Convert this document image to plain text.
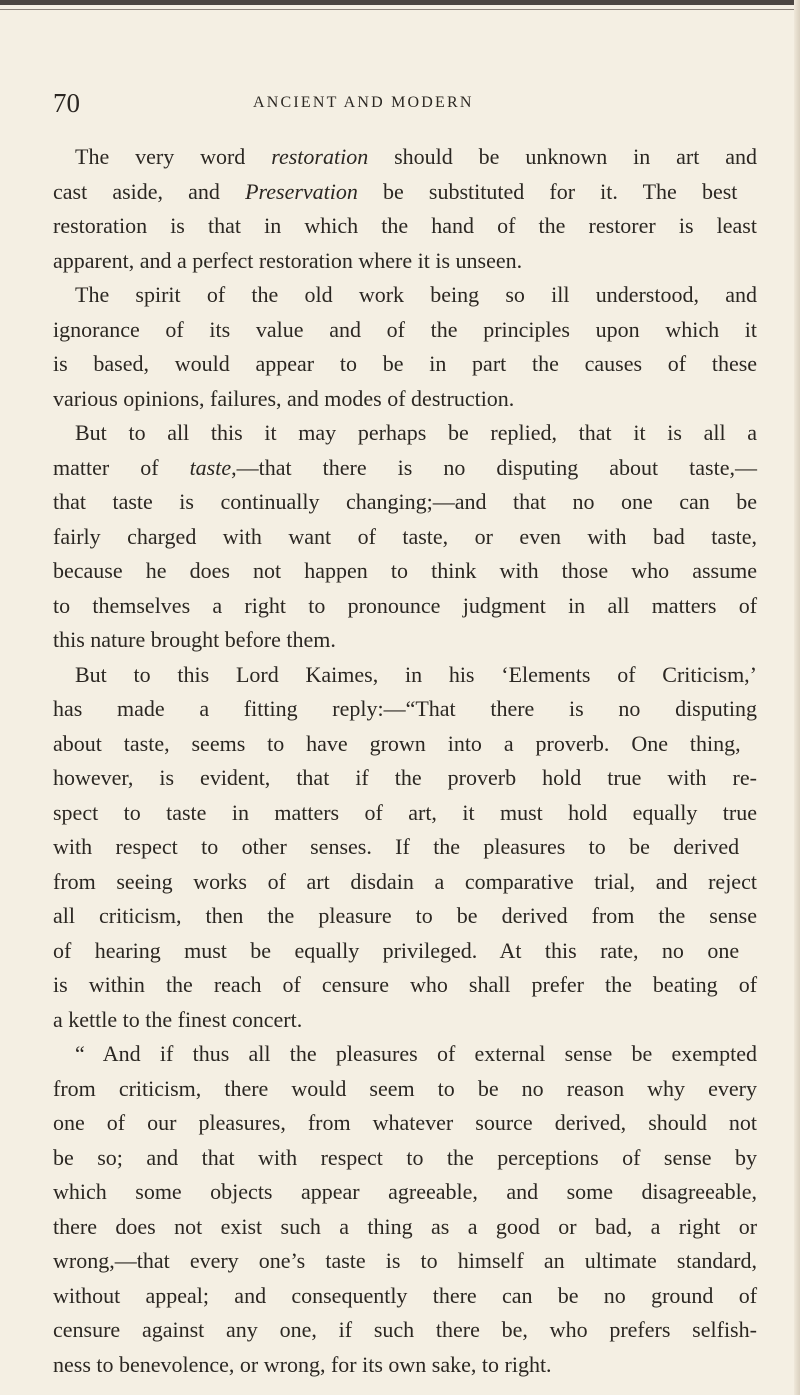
70	ANCIENT AND MODERN
The very word restoration should be unknown in art and
cast aside, and Preservation be substituted for it. The best
restoration is that in which the hand of the restorer is least
apparent, and a perfect restoration where it is unseen.
The spirit of the old work being so ill understood, and
ignorance of its value and of the principles upon which it
is based, would appear to be in part the causes of these
various opinions, failures, and modes of destruction.
But to all this it may perhaps be replied, that it is all a
matter of taste,—that there is no disputing about taste,—
that taste is continually changing;—and that no one can be
fairly charged with want of taste, or even with bad taste,
because he does not happen to think with those who assume
to themselves a right to pronounce judgment in all matters of
this nature brought before them.
But to this Lord Kaimes, in his ‘Elements of Criticism,’
has made a fitting reply:—“That there is no disputing
about taste, seems to have grown into a proverb. One thing,
however, is evident, that if the proverb hold true with re-
spect to taste in matters of art, it must hold equally true
with respect to other senses. If the pleasures to be derived
from seeing works of art disdain a comparative trial, and reject
all criticism, then the pleasure to be derived from the sense
of hearing must be equally privileged. At this rate, no one
is within the reach of censure who shall prefer the beating of
a kettle to the finest concert.
“ And if thus all the pleasures of external sense be exempted
from criticism, there would seem to be no reason why every
one of our pleasures, from whatever source derived, should not
be so; and that with respect to the perceptions of sense by
which some objects appear agreeable, and some disagreeable,
there does not exist such a thing as a good or bad, a right or
wrong,—that every one’s taste is to himself an ultimate standard,
without appeal; and consequently there can be no ground of
censure against any one, if such there be, who prefers selfish-
ness to benevolence, or wrong, for its own sake, to right.
